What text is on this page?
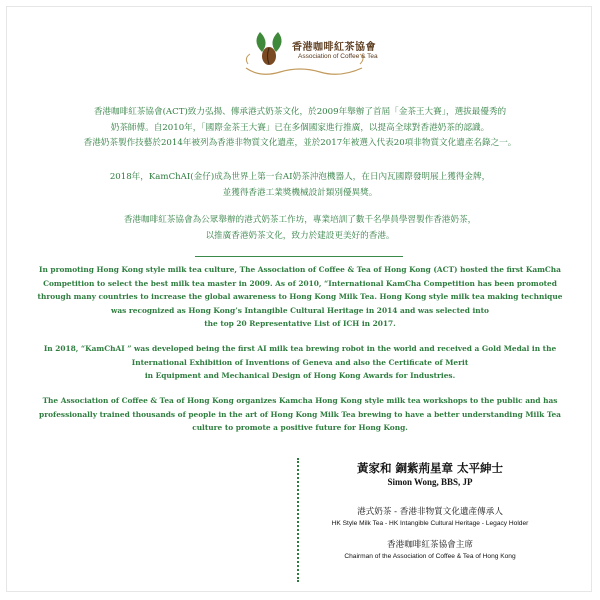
香港咖啡紅茶協會
Association of Coffee & Tea
香港咖啡紅茶協會(ACT)致力弘揚、傳承港式奶茶文化，於2009年舉辦了首屆「金茶王大賽」，選拔最優秀的
奶茶師傅。自2010年，「國際金茶王大賽」已在多個國家進行推廣，以提高全球對香港奶茶的認識。
香港奶茶製作技藝於2014年被列為香港非物質文化遺產，並於2017年被選入代表20項非物質文化遺產名錄之一。
2018年，KamChAI(金仔)成為世界上第一台AI奶茶沖泡機器人，在日內瓦國際發明展上獲得金牌，
並獲得香港工業獎機械設計類別優異獎。
香港咖啡紅茶協會為公眾舉辦的港式奶茶工作坊，專業培訓了數千名學員學習製作香港奶茶，
以推廣香港奶茶文化，致力於建設更美好的香港。
In promoting Hong Kong style milk tea culture, The Association of Coffee & Tea of Hong Kong (ACT) hosted the first KamCha
Competition to select the best milk tea master in 2009. As of 2010, “International KamCha Competition has been promoted
through many countries to increase the global awareness to Hong Kong Milk Tea. Hong Kong style milk tea making technique
was recognized as Hong Kong’s Intangible Cultural Heritage in 2014 and was selected into
the top 20 Representative List of ICH in 2017.
In 2018, “KamChAI ” was developed being the first AI milk tea brewing robot in the world and received a Gold Medal in the
International Exhibition of Inventions of Geneva and also the Certificate of Merit
in Equipment and Mechanical Design of Hong Kong Awards for Industries.
The Association of Coffee & Tea of Hong Kong organizes Kamcha Hong Kong style milk tea workshops to the public and has
professionally trained thousands of people in the art of Hong Kong Milk Tea brewing to have a better understanding Milk Tea
culture to promote a positive future for Hong Kong.
黃家和 銅紫荊星章 太平紳士
Simon Wong, BBS, JP
港式奶茶 - 香港非物質文化遺產傳承人
HK Style Milk Tea - HK Intangible Cultural Heritage - Legacy Holder
香港咖啡紅茶協會主席
Chairman of the Association of Coffee & Tea of Hong Kong
